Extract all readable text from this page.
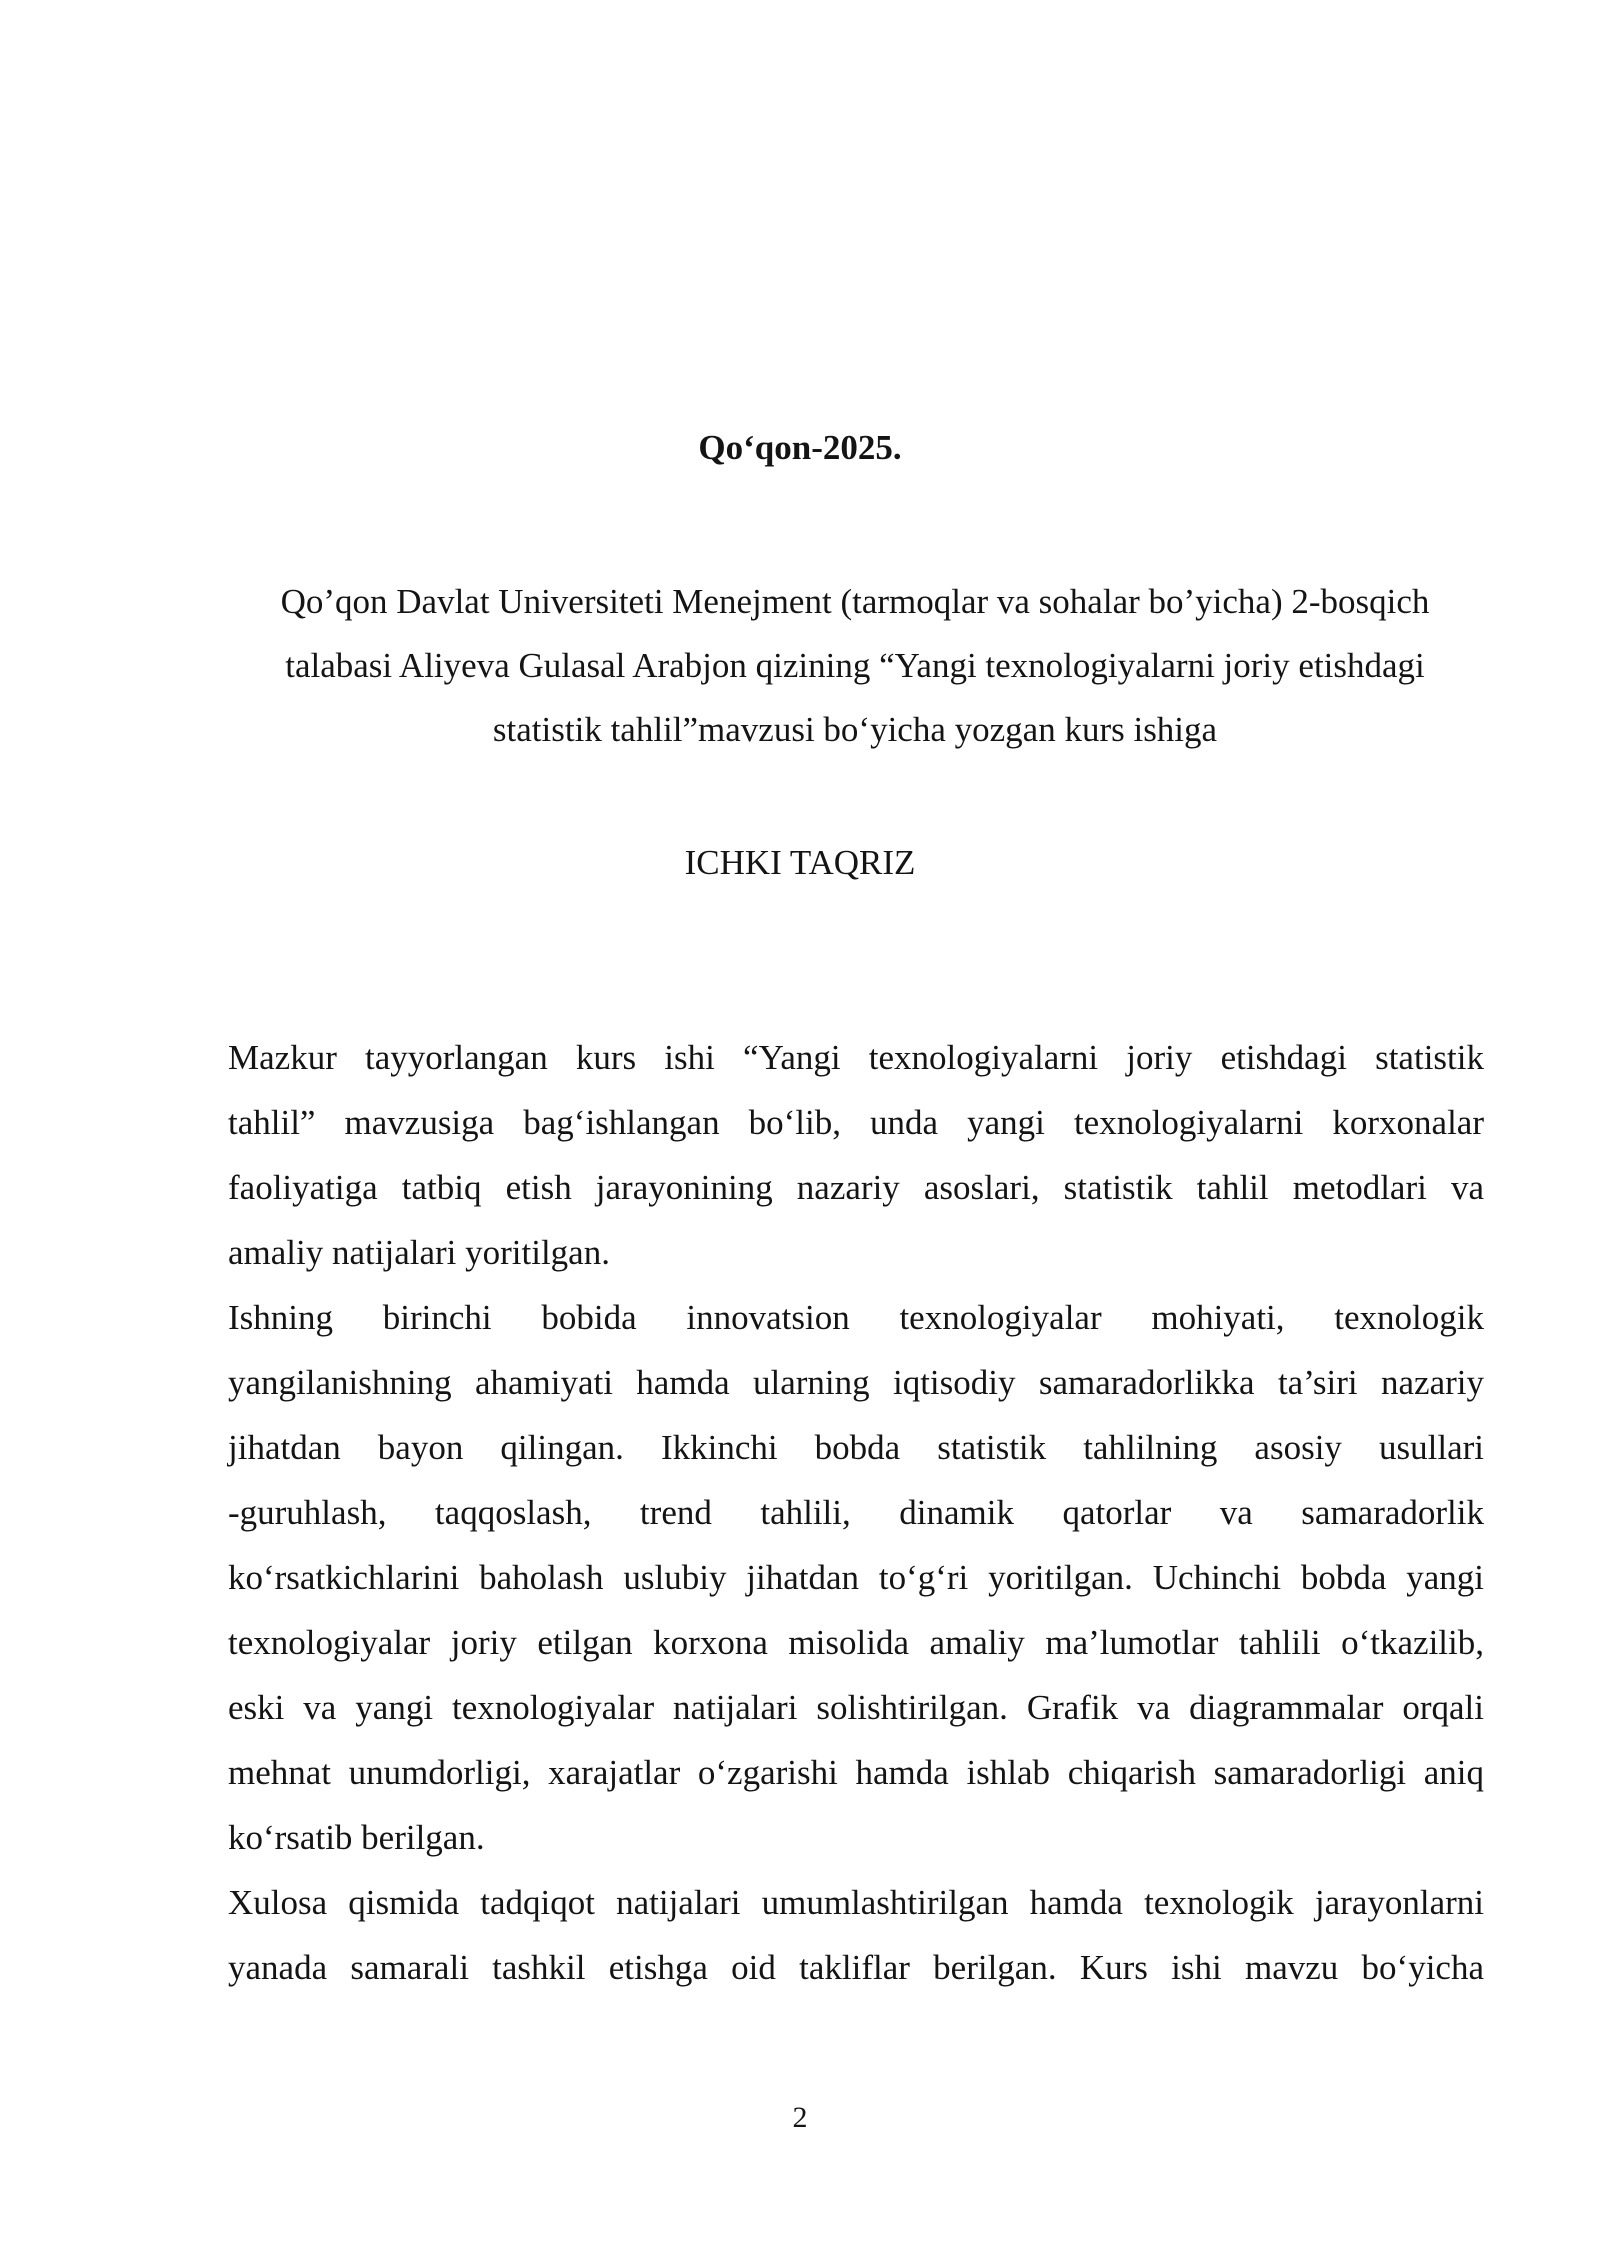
Qo‘qon-2025.
Qo’qon Davlat Universiteti Menejment (tarmoqlar va sohalar bo’yicha) 2-bosqich
talabasi Aliyeva Gulasal Arabjon qizining “Yangi texnologiyalarni joriy etishdagi
statistik tahlil”mavzusi bo‘yicha yozgan kurs ishiga
ICHKI TAQRIZ
Mazkur tayyorlangan kurs ishi “Yangi texnologiyalarni joriy etishdagi statistik
tahlil” mavzusiga bag‘ishlangan bo‘lib, unda yangi texnologiyalarni korxonalar
faoliyatiga tatbiq etish jarayonining nazariy asoslari, statistik tahlil metodlari va
amaliy natijalari yoritilgan.
Ishning birinchi bobida innovatsion texnologiyalar mohiyati, texnologik
yangilanishning ahamiyati hamda ularning iqtisodiy samaradorlikka ta’siri nazariy
jihatdan bayon qilingan. Ikkinchi bobda statistik tahlilning asosiy usullari
-guruhlash, taqqoslash, trend tahlili, dinamik qatorlar va samaradorlik
ko‘rsatkichlarini baholash uslubiy jihatdan to‘g‘ri yoritilgan. Uchinchi bobda yangi
texnologiyalar joriy etilgan korxona misolida amaliy ma’lumotlar tahlili o‘tkazilib,
eski va yangi texnologiyalar natijalari solishtirilgan. Grafik va diagrammalar orqali
mehnat unumdorligi, xarajatlar o‘zgarishi hamda ishlab chiqarish samaradorligi aniq
ko‘rsatib berilgan.
Xulosa qismida tadqiqot natijalari umumlashtirilgan hamda texnologik jarayonlarni
yanada samarali tashkil etishga oid takliflar berilgan. Kurs ishi mavzu bo‘yicha
2
